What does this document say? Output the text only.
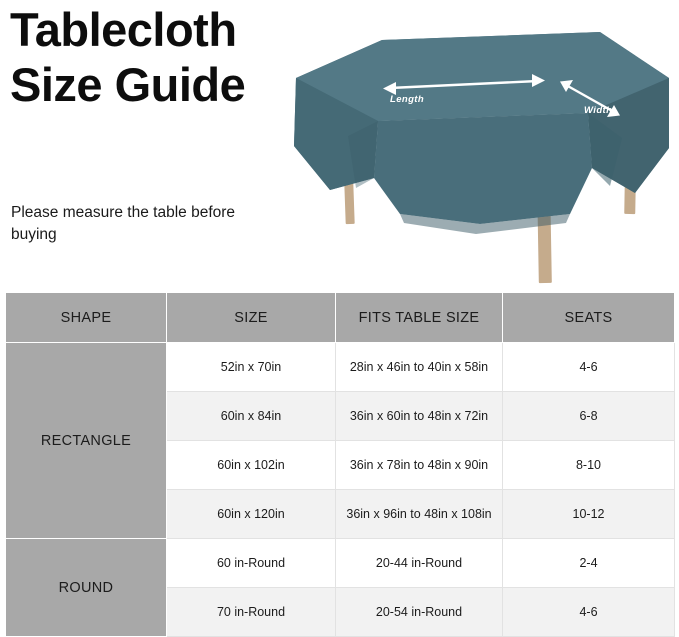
Tablecloth Size Guide
Please measure the table before buying
Length
Width
SHAPE	SIZE	FITS TABLE SIZE	SEATS
RECTANGLE	52in x 70in	28in x 46in to 40in x 58in	4-6
	60in x 84in	36in x 60in to 48in x 72in	6-8
	60in x 102in	36in x 78in to 48in x 90in	8-10
	60in x 120in	36in x 96in to 48in x 108in	10-12
ROUND	60 in-Round	20-44 in-Round	2-4
	70 in-Round	20-54 in-Round	4-6
